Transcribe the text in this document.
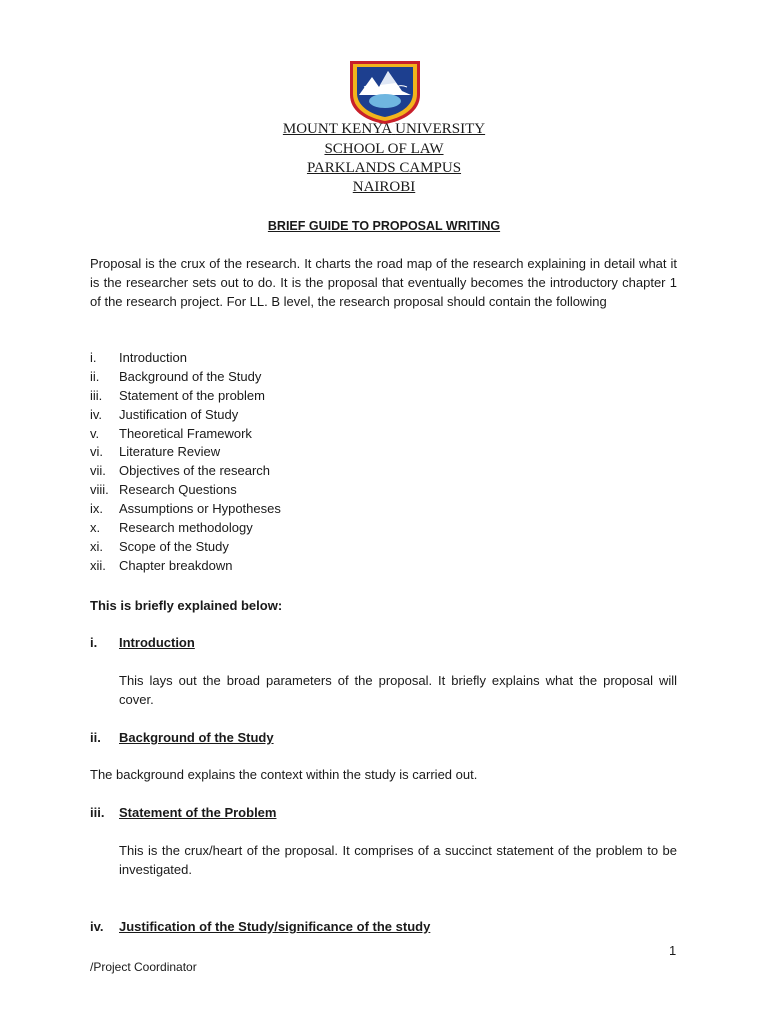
MOUNT KENYA UNIVERSITY
SCHOOL OF LAW
PARKLANDS CAMPUS
NAIROBI
BRIEF GUIDE TO PROPOSAL WRITING
Proposal is the crux of the research. It charts the road map of the research explaining in detail what it is the researcher sets out to do. It is the proposal that eventually becomes the introductory chapter 1 of the research project. For LL. B level, the research proposal should contain the following
i. Introduction
ii. Background of the Study
iii. Statement of the problem
iv. Justification of Study
v. Theoretical Framework
vi. Literature Review
vii. Objectives of the research
viii. Research Questions
ix. Assumptions or Hypotheses
x. Research methodology
xi. Scope of the Study
xii. Chapter breakdown
This is briefly explained below:
i. Introduction
This lays out the broad parameters of the proposal. It briefly explains what the proposal will cover.
ii. Background of the Study
The background explains the context within the study is carried out.
iii. Statement of the Problem
This is the crux/heart of the proposal. It comprises of a succinct statement of the problem to be investigated.
iv. Justification of the Study/significance of the study
1
/Project Coordinator
